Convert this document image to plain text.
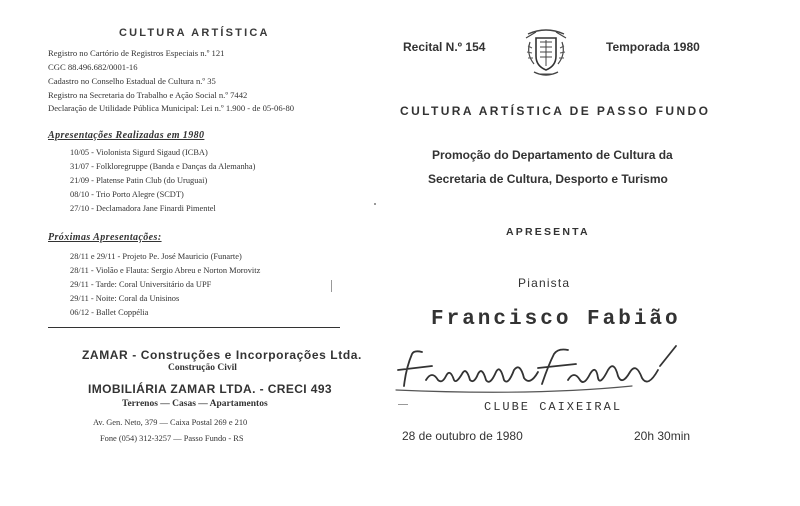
CULTURA ARTÍSTICA
Registro no Cartório de Registros Especiais n.º 121
CGC 88.496.682/0001-16
Cadastro no Conselho Estadual de Cultura n.º 35
Registro na Secretaria do Trabalho e Ação Social n.º 7442
Declaração de Utilidade Pública Municipal: Lei n.º 1.900 - de 05-06-80
Apresentações Realizadas em 1980
10/05 - Violonista Sigurd Sigaud (ICBA)
31/07 - Folkloregruppe (Banda e Danças da Alemanha)
21/09 - Platense Patin Club (do Uruguai)
08/10 - Trio Porto Alegre (SCDT)
27/10 - Declamadora Jane Finardi Pimentel
Próximas Apresentações:
28/11 e 29/11 - Projeto Pe. José Mauricio (Funarte)
28/11 - Violão e Flauta: Sergio Abreu e Norton Morovitz
29/11 - Tarde: Coral Universitário da UPF
29/11 - Noite: Coral da Unisinos
06/12 - Ballet Coppélia
ZAMAR - Construções e Incorporações Ltda.
Construção Civil
IMOBILIÁRIA ZAMAR LTDA. - CRECI 493
Terrenos — Casas — Apartamentos
Av. Gen. Neto, 379 — Caixa Postal 269 e 210
Fone (054) 312-3257 — Passo Fundo - RS
Recital N.º 154	Temporada 1980
CULTURA ARTÍSTICA DE PASSO FUNDO
Promoção do Departamento de Cultura da
Secretaria de Cultura, Desporto e Turismo
APRESENTA
Pianista
Francisco Fabião
CLUBE CAIXEIRAL
28 de outubro de 1980	20h 30min
